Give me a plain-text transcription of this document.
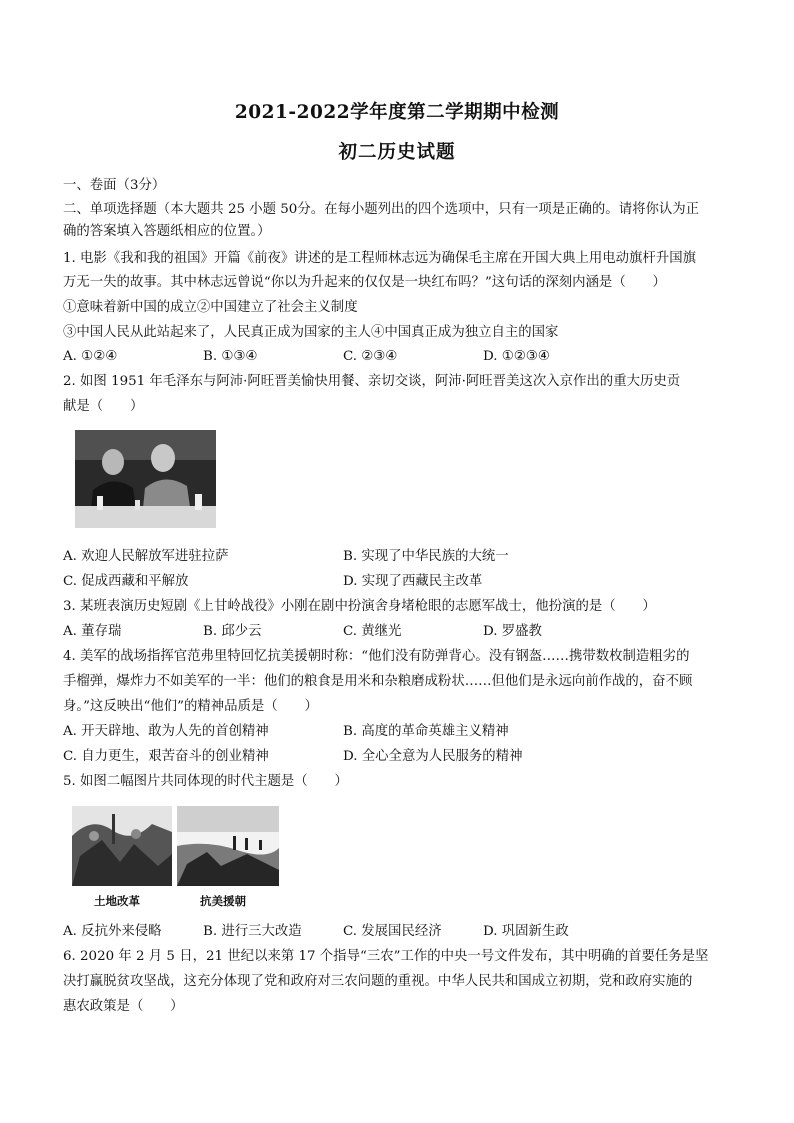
2021-2022学年度第二学期期中检测
初二历史试题
一、卷面（3分）
二、单项选择题（本大题共 25 小题 50分。在每小题列出的四个选项中，只有一项是正确的。请将你认为正
确的答案填入答题纸相应的位置。）
1. 电影《我和我的祖国》开篇《前夜》讲述的是工程师林志远为确保毛主席在开国大典上用电动旗杆升国旗
万无一失的故事。其中林志远曾说“你以为升起来的仅仅是一块红布吗？”这句话的深刻内涵是（　　）
①意味着新中国的成立②中国建立了社会主义制度
③中国人民从此站起来了，人民真正成为国家的主人④中国真正成为独立自主的国家
A. ①②④	B. ①③④	C. ②③④	D. ①②③④
2. 如图 1951 年毛泽东与阿沛·阿旺晋美愉快用餐、亲切交谈，阿沛·阿旺晋美这次入京作出的重大历史贡
献是（　　）
A. 欢迎人民解放军进驻拉萨	B. 实现了中华民族的大统一
C. 促成西藏和平解放	D. 实现了西藏民主改革
3. 某班表演历史短剧《上甘岭战役》小刚在剧中扮演舍身堵枪眼的志愿军战士，他扮演的是（　　）
A. 董存瑞	B. 邱少云	C. 黄继光	D. 罗盛教
4. 美军的战场指挥官范弗里特回忆抗美援朝时称：“他们没有防弹背心。没有钢盔……携带数枚制造粗劣的
手榴弹，爆炸力不如美军的一半：他们的粮食是用米和杂粮磨成粉状……但他们是永远向前作战的，奋不顾
身。”这反映出“他们”的精神品质是（　　）
A. 开天辟地、敢为人先的首创精神	B. 高度的革命英雄主义精神
C. 自力更生，艰苦奋斗的创业精神	D. 全心全意为人民服务的精神
5. 如图二幅图片共同体现的时代主题是（　　）
土地改革	抗美援朝
A. 反抗外来侵略	B. 进行三大改造	C. 发展国民经济	D. 巩固新生政
6. 2020 年 2 月 5 日，21 世纪以来第 17 个指导“三农”工作的中央一号文件发布，其中明确的首要任务是坚
决打赢脱贫攻坚战，这充分体现了党和政府对三农问题的重视。中华人民共和国成立初期，党和政府实施的
惠农政策是（　　）
